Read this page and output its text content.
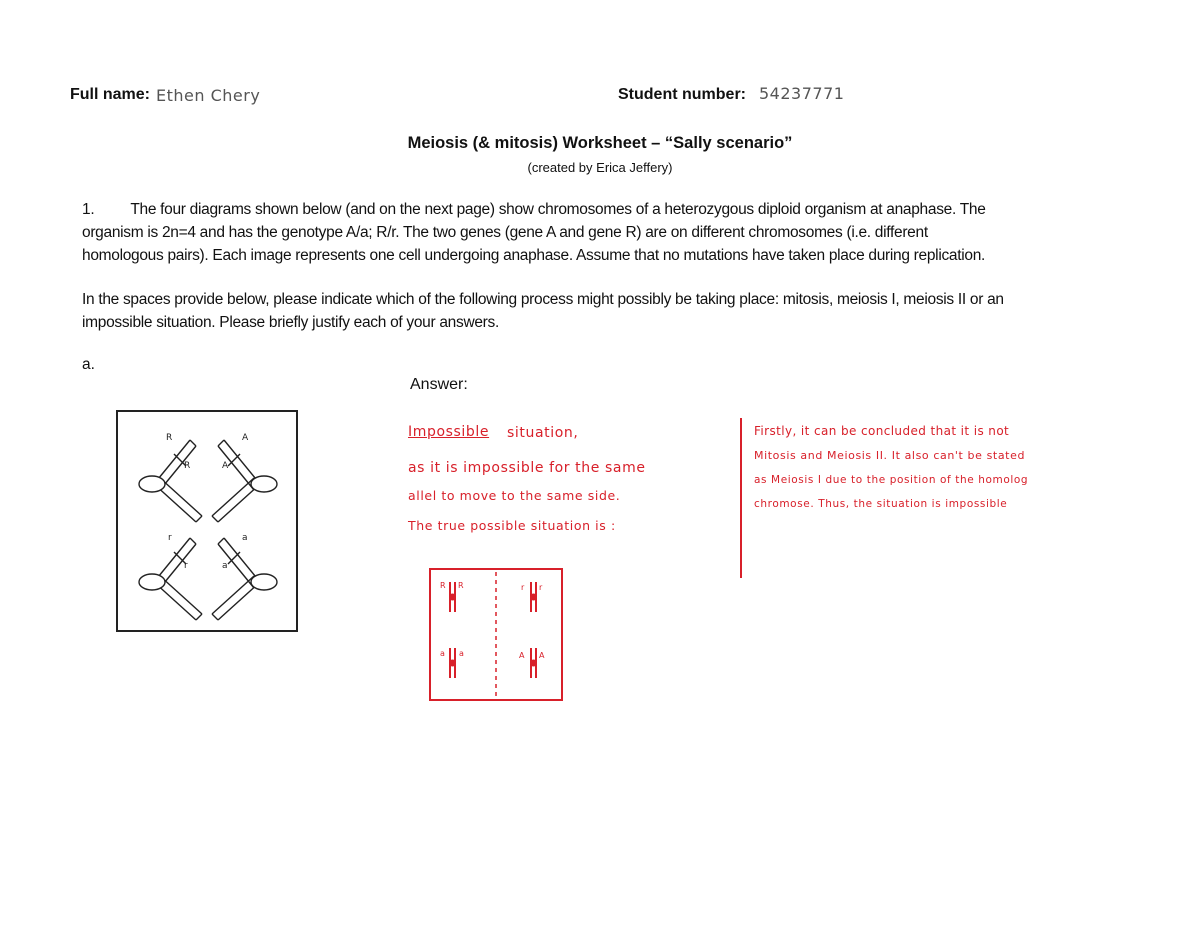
Full name: Ethen Chery	Student number: 54237771
Meiosis (& mitosis) Worksheet – “Sally scenario”
(created by Erica Jeffery)
1. The four diagrams shown below (and on the next page) show chromosomes of a heterozygous diploid organism at anaphase. The
organism is 2n=4 and has the genotype A/a; R/r. The two genes (gene A and gene R) are on different chromosomes (i.e. different
homologous pairs). Each image represents one cell undergoing anaphase. Assume that no mutations have taken place during replication.
In the spaces provide below, please indicate which of the following process might possibly be taking place: mitosis, meiosis I, meiosis II or an
impossible situation. Please briefly justify each of your answers.
a.
Answer:
R
R
A
A
r
r
a
a
Impossible situation,
as it is impossible for the same
allel to move to the same side.
The true possible situation is :
Firstly, it can be concluded that it is not
Mitosis and Meiosis II. It also can't be stated
as Meiosis I due to the position of the homolog
chromose. Thus, the situation is impossible
R R	r r
a a	A A
